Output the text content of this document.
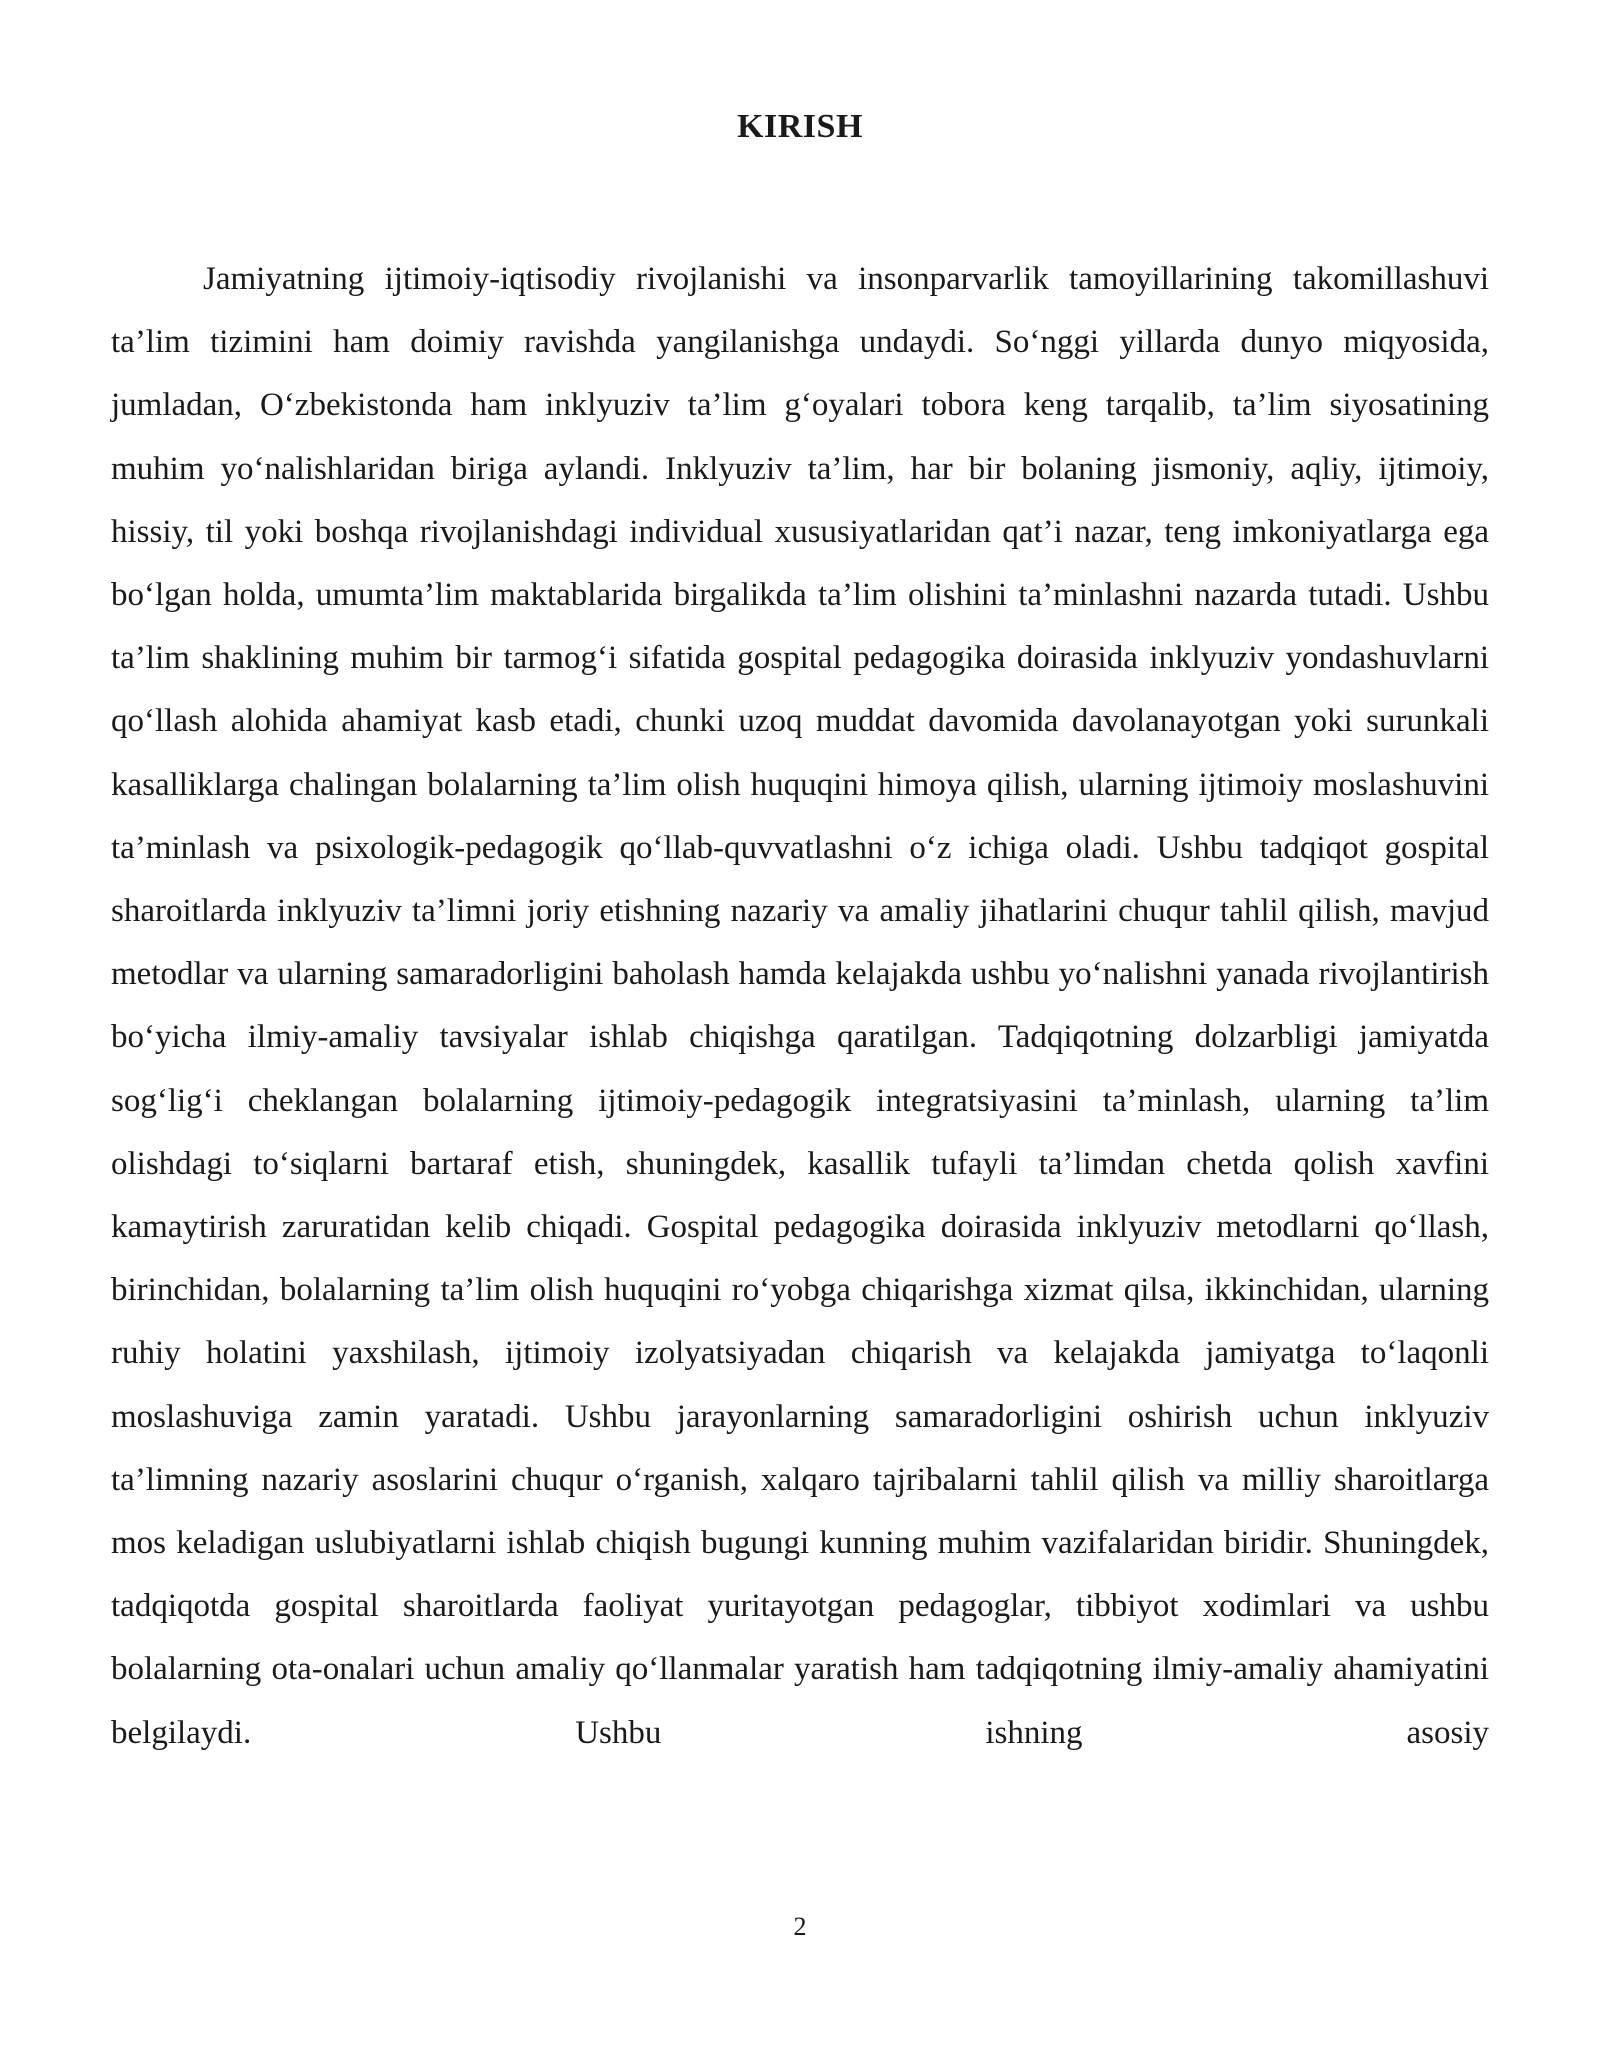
KIRISH

Jamiyatning ijtimoiy-iqtisodiy rivojlanishi va insonparvarlik tamoyillarining takomillashuvi ta’lim tizimini ham doimiy ravishda yangilanishga undaydi. So‘nggi yillarda dunyo miqyosida, jumladan, O‘zbekistonda ham inklyuziv ta’lim g‘oyalari tobora keng tarqalib, ta’lim siyosatining muhim yo‘nalishlaridan biriga aylandi. Inklyuziv ta’lim, har bir bolaning jismoniy, aqliy, ijtimoiy, hissiy, til yoki boshqa rivojlanishdagi individual xususiyatlaridan qat’i nazar, teng imkoniyatlarga ega bo‘lgan holda, umumta’lim maktablarida birgalikda ta’lim olishini ta’minlashni nazarda tutadi. Ushbu ta’lim shaklining muhim bir tarmog‘i sifatida gospital pedagogika doirasida inklyuziv yondashuvlarni qo‘llash alohida ahamiyat kasb etadi, chunki uzoq muddat davomida davolanayotgan yoki surunkali kasalliklarga chalingan bolalarning ta’lim olish huquqini himoya qilish, ularning ijtimoiy moslashuvini ta’minlash va psixologik-pedagogik qo‘llab-quvvatlashni o‘z ichiga oladi. Ushbu tadqiqot gospital sharoitlarda inklyuziv ta’limni joriy etishning nazariy va amaliy jihatlarini chuqur tahlil qilish, mavjud metodlar va ularning samaradorligini baholash hamda kelajakda ushbu yo‘nalishni yanada rivojlantirish bo‘yicha ilmiy-amaliy tavsiyalar ishlab chiqishga qaratilgan. Tadqiqotning dolzarbligi jamiyatda sog‘lig‘i cheklangan bolalarning ijtimoiy-pedagogik integratsiyasini ta’minlash, ularning ta’lim olishdagi to‘siqlarni bartaraf etish, shuningdek, kasallik tufayli ta’limdan chetda qolish xavfini kamaytirish zaruratidan kelib chiqadi. Gospital pedagogika doirasida inklyuziv metodlarni qo‘llash, birinchidan, bolalarning ta’lim olish huquqini ro‘yobga chiqarishga xizmat qilsa, ikkinchidan, ularning ruhiy holatini yaxshilash, ijtimoiy izolyatsiyadan chiqarish va kelajakda jamiyatga to‘laqonli moslashuviga zamin yaratadi. Ushbu jarayonlarning samaradorligini oshirish uchun inklyuziv ta’limning nazariy asoslarini chuqur o‘rganish, xalqaro tajribalarni tahlil qilish va milliy sharoitlarga mos keladigan uslubiyatlarni ishlab chiqish bugungi kunning muhim vazifalaridan biridir. Shuningdek, tadqiqotda gospital sharoitlarda faoliyat yuritayotgan pedagoglar, tibbiyot xodimlari va ushbu bolalarning ota-onalari uchun amaliy qo‘llanmalar yaratish ham tadqiqotning ilmiy-amaliy ahamiyatini belgilaydi. Ushbu ishning asosiy

2
